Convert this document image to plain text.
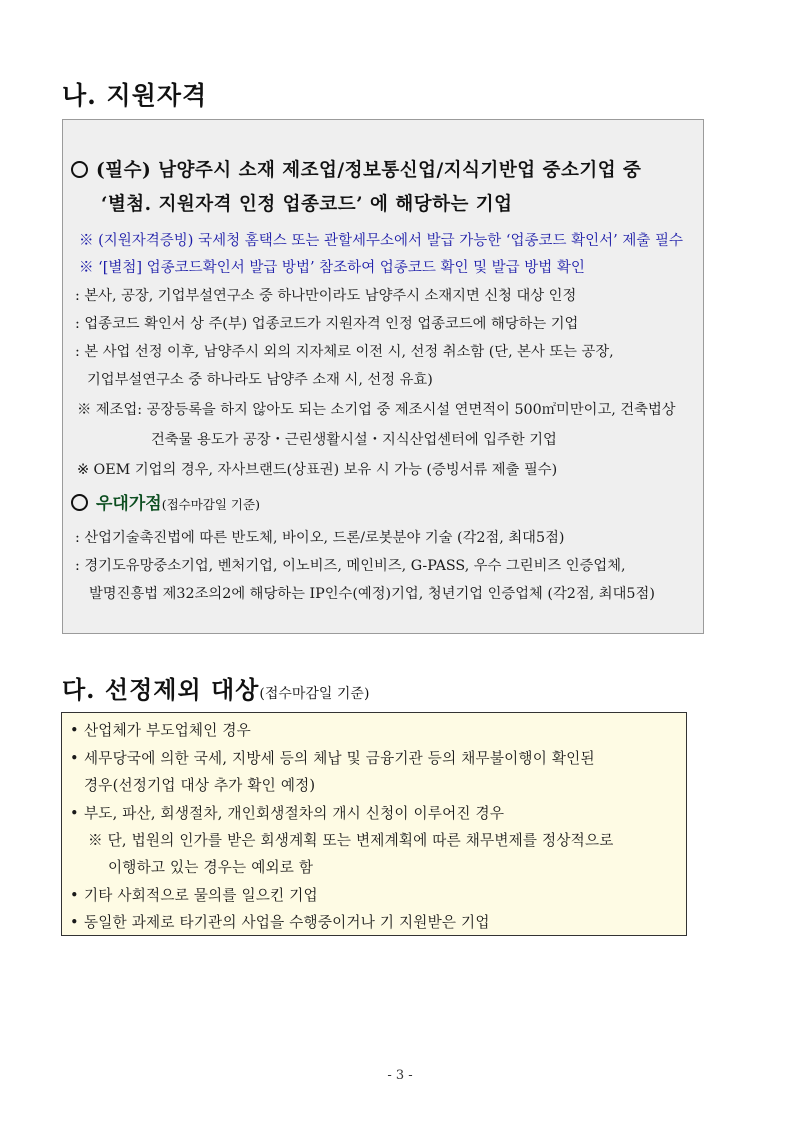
나. 지원자격
(필수) 남양주시 소재 제조업/정보통신업/지식기반업 중소기업 중
‘별첨. 지원자격 인정 업종코드’ 에 해당하는 기업
※ (지원자격증빙) 국세청 홈택스 또는 관할세무소에서 발급 가능한 ‘업종코드 확인서’ 제출 필수
※ ‘[별첨] 업종코드확인서 발급 방법’ 참조하여 업종코드 확인 및 발급 방법 확인
: 본사, 공장, 기업부설연구소 중 하나만이라도 남양주시 소재지면 신청 대상 인정
: 업종코드 확인서 상 주(부) 업종코드가 지원자격 인정 업종코드에 해당하는 기업
: 본 사업 선정 이후, 남양주시 외의 지자체로 이전 시, 선정 취소함 (단, 본사 또는 공장,
기업부설연구소 중 하나라도 남양주 소재 시, 선정 유효)
※ 제조업: 공장등록을 하지 않아도 되는 소기업 중 제조시설 연면적이 500㎡미만이고, 건축법상
건축물 용도가 공장・근린생활시설・지식산업센터에 입주한 기업
※ OEM 기업의 경우, 자사브랜드(상표권) 보유 시 가능 (증빙서류 제출 필수)
우대가점(접수마감일 기준)
: 산업기술촉진법에 따른 반도체, 바이오, 드론/로봇분야 기술 (각2점, 최대5점)
: 경기도유망중소기업, 벤처기업, 이노비즈, 메인비즈, G-PASS, 우수 그린비즈 인증업체,
발명진흥법 제32조의2에 해당하는 IP인수(예정)기업, 청년기업 인증업체 (각2점, 최대5점)
다. 선정제외 대상(접수마감일 기준)
• 산업체가 부도업체인 경우
• 세무당국에 의한 국세, 지방세 등의 체납 및 금융기관 등의 채무불이행이 확인된
경우(선정기업 대상 추가 확인 예정)
• 부도, 파산, 회생절차, 개인회생절차의 개시 신청이 이루어진 경우
※ 단, 법원의 인가를 받은 회생계획 또는 변제계획에 따른 채무변제를 정상적으로
이행하고 있는 경우는 예외로 함
• 기타 사회적으로 물의를 일으킨 기업
• 동일한 과제로 타기관의 사업을 수행중이거나 기 지원받은 기업
- 3 -
